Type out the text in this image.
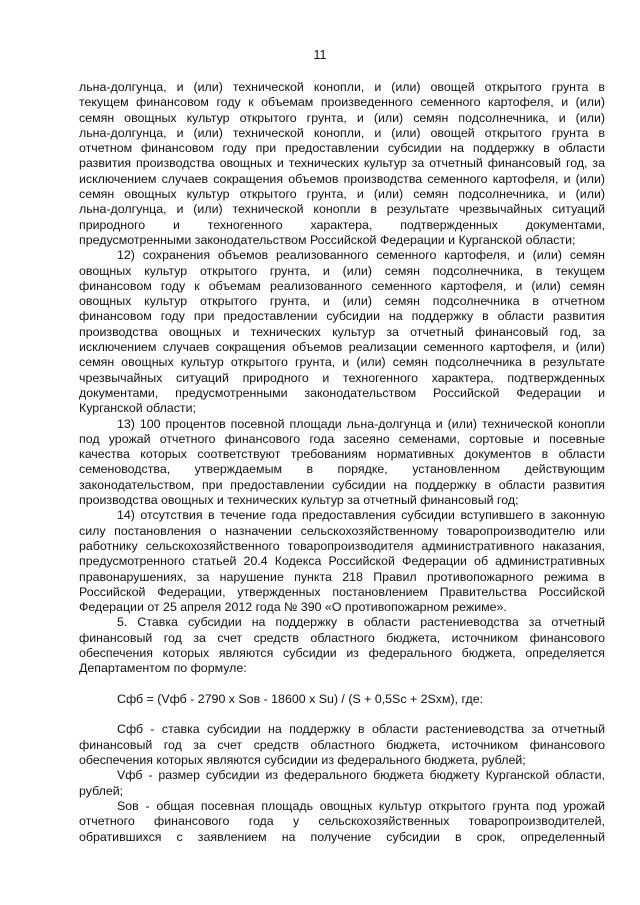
11
льна-долгунца, и (или) технической конопли, и (или) овощей открытого грунта в
текущем финансовом году к объемам произведенного семенного картофеля, и (или)
семян овощных культур открытого грунта, и (или) семян подсолнечника, и (или)
льна-долгунца, и (или) технической конопли, и (или) овощей открытого грунта в
отчетном финансовом году при предоставлении субсидии на поддержку в области
развития производства овощных и технических культур за отчетный финансовый год, за
исключением случаев сокращения объемов производства семенного картофеля, и (или)
семян овощных культур открытого грунта, и (или) семян подсолнечника, и (или)
льна-долгунца, и (или) технической конопли в результате чрезвычайных ситуаций
природного и техногенного характера, подтвержденных документами,
предусмотренными законодательством Российской Федерации и Курганской области;
12) сохранения объемов реализованного семенного картофеля, и (или) семян
овощных культур открытого грунта, и (или) семян подсолнечника, в текущем
финансовом году к объемам реализованного семенного картофеля, и (или) семян
овощных культур открытого грунта, и (или) семян подсолнечника в отчетном
финансовом году при предоставлении субсидии на поддержку в области развития
производства овощных и технических культур за отчетный финансовый год, за
исключением случаев сокращения объемов реализации семенного картофеля, и (или)
семян овощных культур открытого грунта, и (или) семян подсолнечника в результате
чрезвычайных ситуаций природного и техногенного характера, подтвержденных
документами, предусмотренными законодательством Российской Федерации и
Курганской области;
13) 100 процентов посевной площади льна-долгунца и (или) технической конопли
под урожай отчетного финансового года засеяно семенами, сортовые и посевные
качества которых соответствуют требованиям нормативных документов в области
семеноводства, утверждаемым в порядке, установленном действующим
законодательством, при предоставлении субсидии на поддержку в области развития
производства овощных и технических культур за отчетный финансовый год;
14) отсутствия в течение года предоставления субсидии вступившего в законную
силу постановления о назначении сельскохозяйственному товаропроизводителю или
работнику сельскохозяйственного товаропроизводителя административного наказания,
предусмотренного статьей 20.4 Кодекса Российской Федерации об административных
правонарушениях, за нарушение пункта 218 Правил противопожарного режима в
Российской Федерации, утвержденных постановлением Правительства Российской
Федерации от 25 апреля 2012 года № 390 «О противопожарном режиме».
5. Ставка субсидии на поддержку в области растениеводства за отчетный
финансовый год за счет средств областного бюджета, источником финансового
обеспечения которых являются субсидии из федерального бюджета, определяется
Департаментом по формуле:
Сфб = (Vфб - 2790 x Sов - 18600 x Su) / (S + 0,5Sc + 2Sхм), где:
Сфб - ставка субсидии на поддержку в области растениеводства за отчетный
финансовый год за счет средств областного бюджета, источником финансового
обеспечения которых являются субсидии из федерального бюджета, рублей;
Vфб - размер субсидии из федерального бюджета бюджету Курганской области,
рублей;
Sов - общая посевная площадь овощных культур открытого грунта под урожай
отчетного финансового года у сельскохозяйственных товаропроизводителей,
обратившихся с заявлением на получение субсидии в срок, определенный
